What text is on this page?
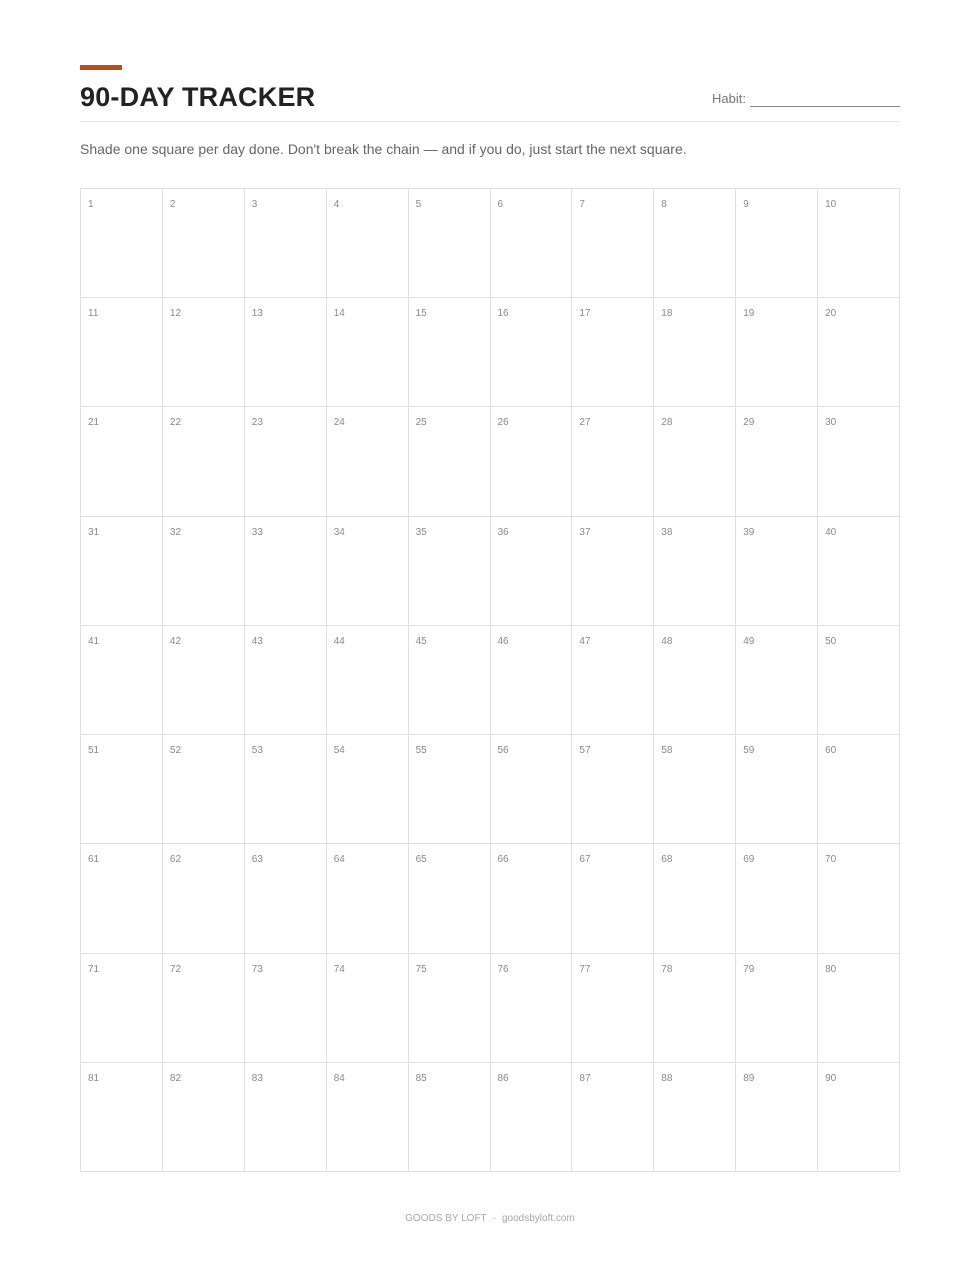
90-DAY TRACKER	Habit:
Shade one square per day done. Don't break the chain — and if you do, just start the next square.
1	2	3	4	5	6	7	8	9	10
11	12	13	14	15	16	17	18	19	20
21	22	23	24	25	26	27	28	29	30
31	32	33	34	35	36	37	38	39	40
41	42	43	44	45	46	47	48	49	50
51	52	53	54	55	56	57	58	59	60
61	62	63	64	65	66	67	68	69	70
71	72	73	74	75	76	77	78	79	80
81	82	83	84	85	86	87	88	89	90
GOODS BY LOFT · goodsbyloft.com
